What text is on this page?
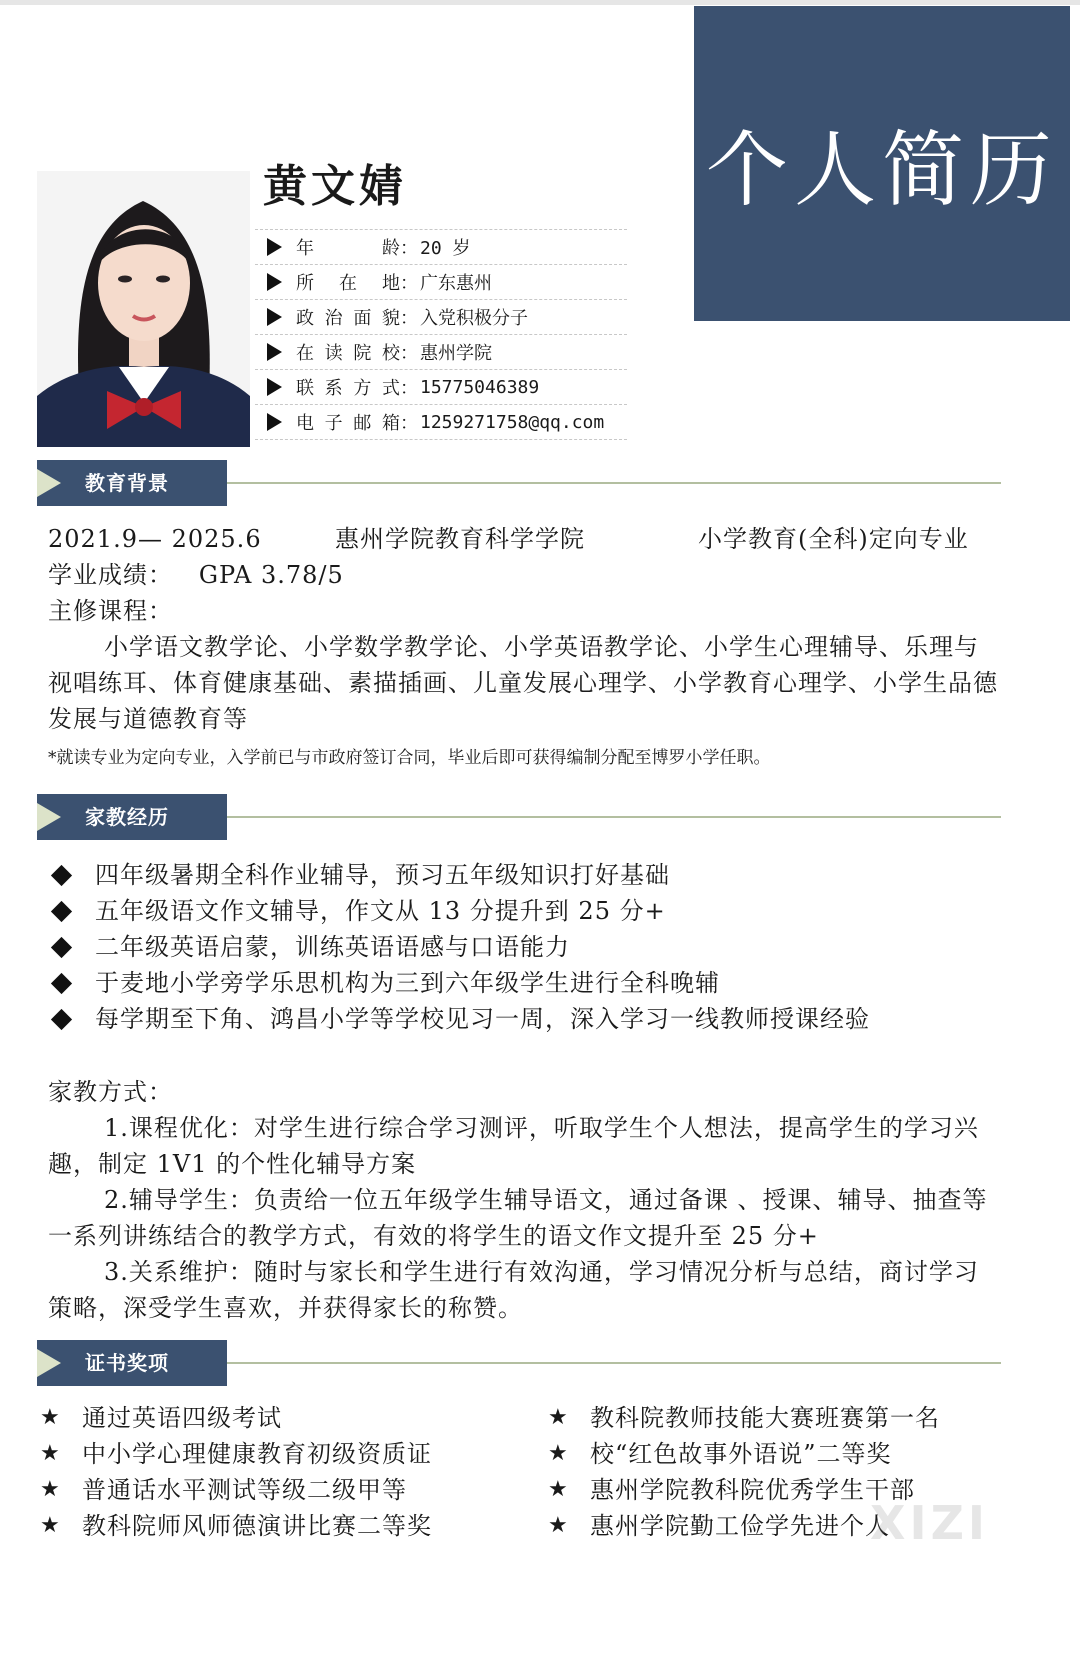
个人简历
黄文婧
年龄 ： 20 岁
所在地 ： 广东惠州
政治面貌 ： 入党积极分子
在读院校 ： 惠州学院
联系方式 ： 15775046389
电子邮箱 ： 1259271758@qq.com
教育背景
2021.9— 2025.6	惠州学院教育科学学院	小学教育(全科)定向专业
学业成绩：   GPA 3.78/5
主修课程：
小学语文教学论、小学数学教学论、小学英语教学论、小学生心理辅导、乐理与视唱练耳、体育健康基础、素描插画、儿童发展心理学、小学教育心理学、小学生品德发展与道德教育等
*就读专业为定向专业，入学前已与市政府签订合同，毕业后即可获得编制分配至博罗小学任职。
家教经历
四年级暑期全科作业辅导，预习五年级知识打好基础
五年级语文作文辅导，作文从 13 分提升到 25 分+
二年级英语启蒙，训练英语语感与口语能力
于麦地小学旁学乐思机构为三到六年级学生进行全科晚辅
每学期至下角、鸿昌小学等学校见习一周，深入学习一线教师授课经验
家教方式：
1.课程优化：对学生进行综合学习测评，听取学生个人想法，提高学生的学习兴趣，制定 1V1 的个性化辅导方案
2.辅导学生：负责给一位五年级学生辅导语文，通过备课 、授课、辅导、抽查等一系列讲练结合的教学方式，有效的将学生的语文作文提升至 25 分+
3.关系维护：随时与家长和学生进行有效沟通，学习情况分析与总结，商讨学习策略，深受学生喜欢，并获得家长的称赞。
证书奖项
★ 通过英语四级考试
★ 中小学心理健康教育初级资质证
★ 普通话水平测试等级二级甲等
★ 教科院师风师德演讲比赛二等奖
★ 教科院教师技能大赛班赛第一名
★ 校“红色故事外语说”二等奖
★ 惠州学院教科院优秀学生干部
★ 惠州学院勤工俭学先进个人
XIZI
